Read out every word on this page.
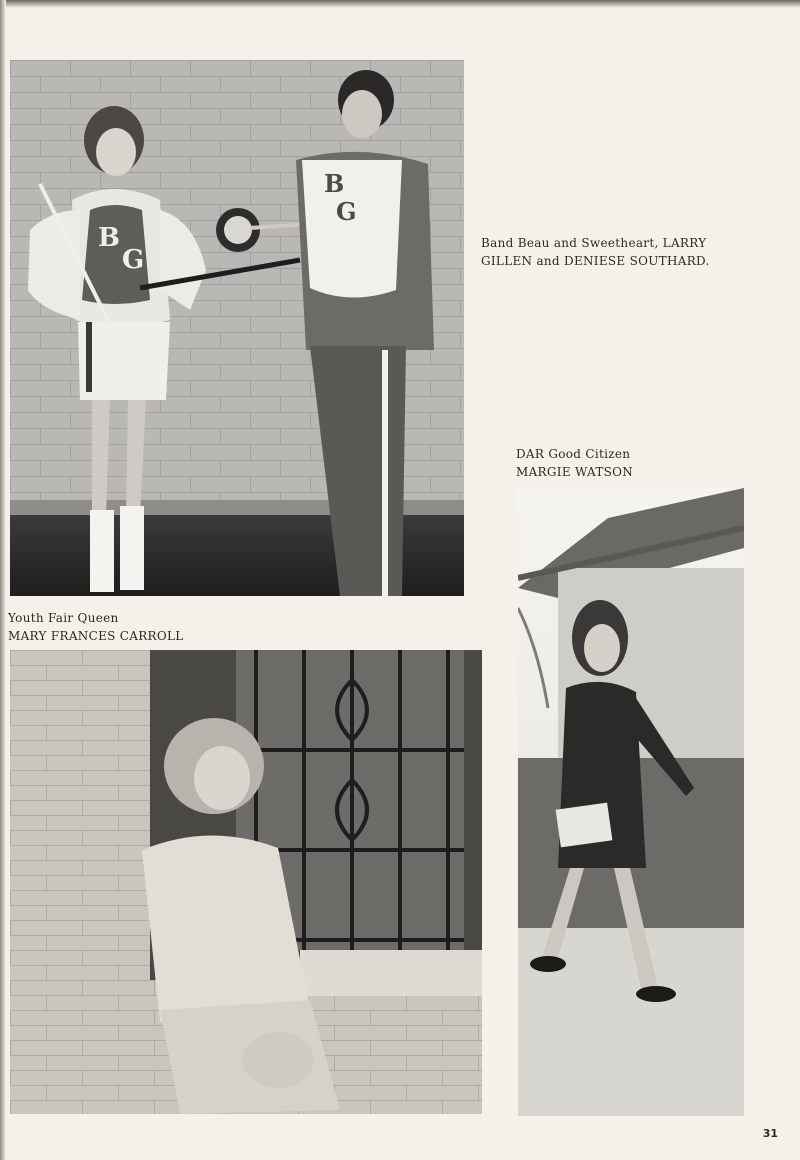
B
G
B
G
Band Beau and Sweetheart, LARRY
GILLEN and DENIESE SOUTHARD.
DAR Good Citizen
MARGIE WATSON
Youth Fair Queen
MARY FRANCES CARROLL
31
